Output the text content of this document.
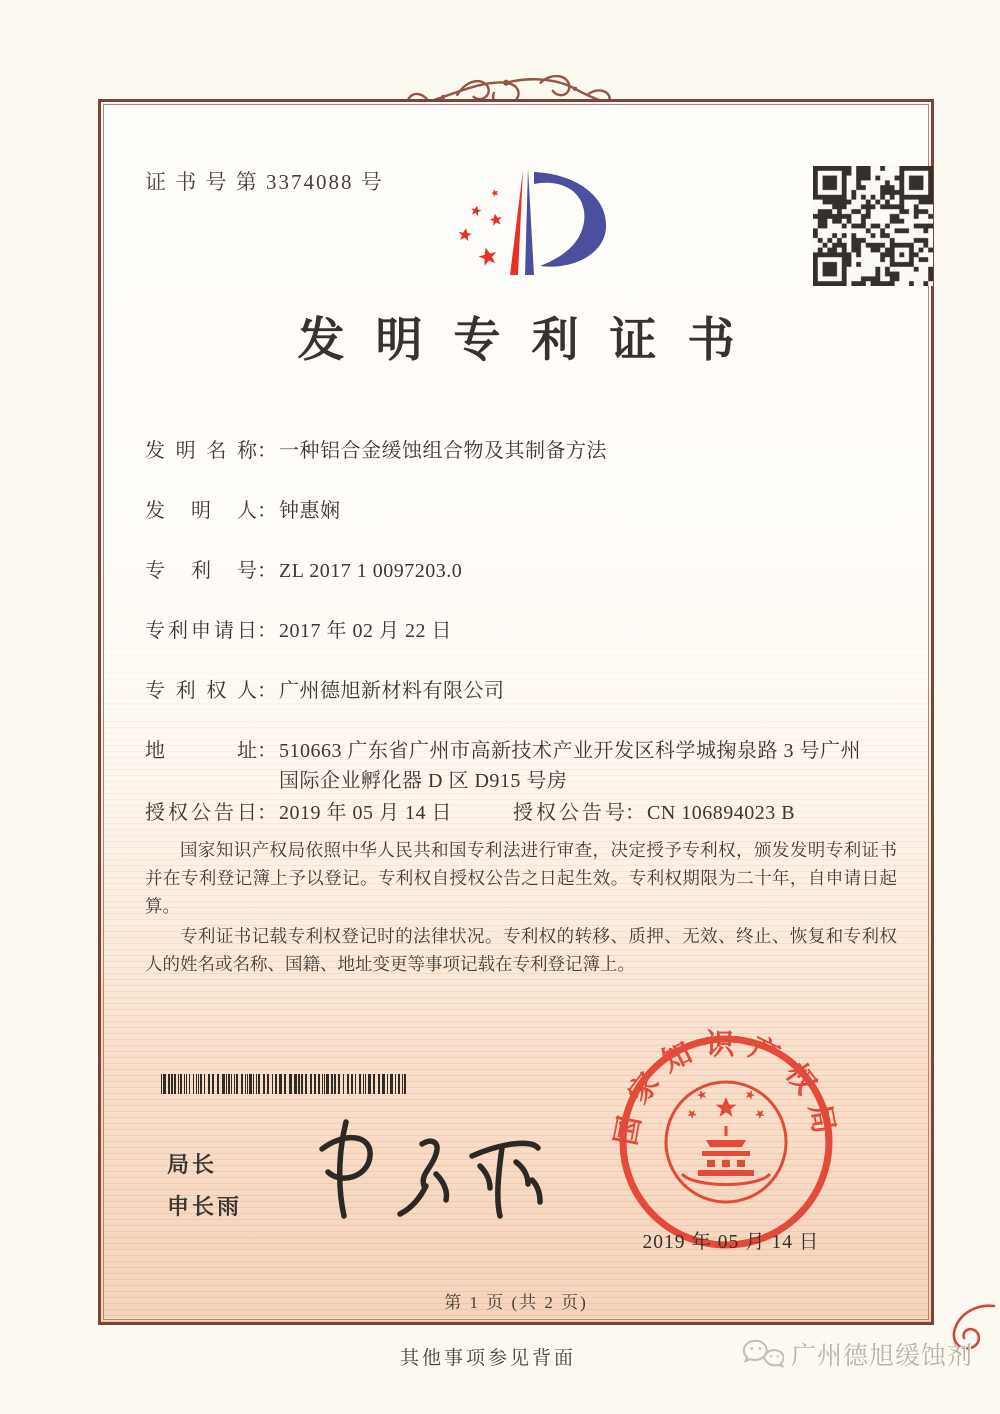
证 书 号 第 3374088 号
发明专利证书
发明名称： 一种铝合金缓蚀组合物及其制备方法
发明人： 钟惠娴
专利号： ZL 2017 1 0097203.0
专利申请日： 2017 年 02 月 22 日
专利权人： 广州德旭新材料有限公司
地址： 510663 广东省广州市高新技术产业开发区科学城掬泉路 3 号广州国际企业孵化器 D 区 D915 号房
授权公告日： 2019 年 05 月 14 日	授权公告号： CN 106894023 B

国家知识产权局依照中华人民共和国专利法进行审查，决定授予专利权，颁发发明专利证书并在专利登记簿上予以登记。专利权自授权公告之日起生效。专利权期限为二十年，自申请日起算。

专利证书记载专利权登记时的法律状况。专利权的转移、质押、无效、终止、恢复和专利权人的姓名或名称、国籍、地址变更等事项记载在专利登记簿上。

局长
申长雨
国家知识产权局
2019 年 05 月 14 日
第 1 页 (共 2 页)
其他事项参见背面	广州德旭缓蚀剂
